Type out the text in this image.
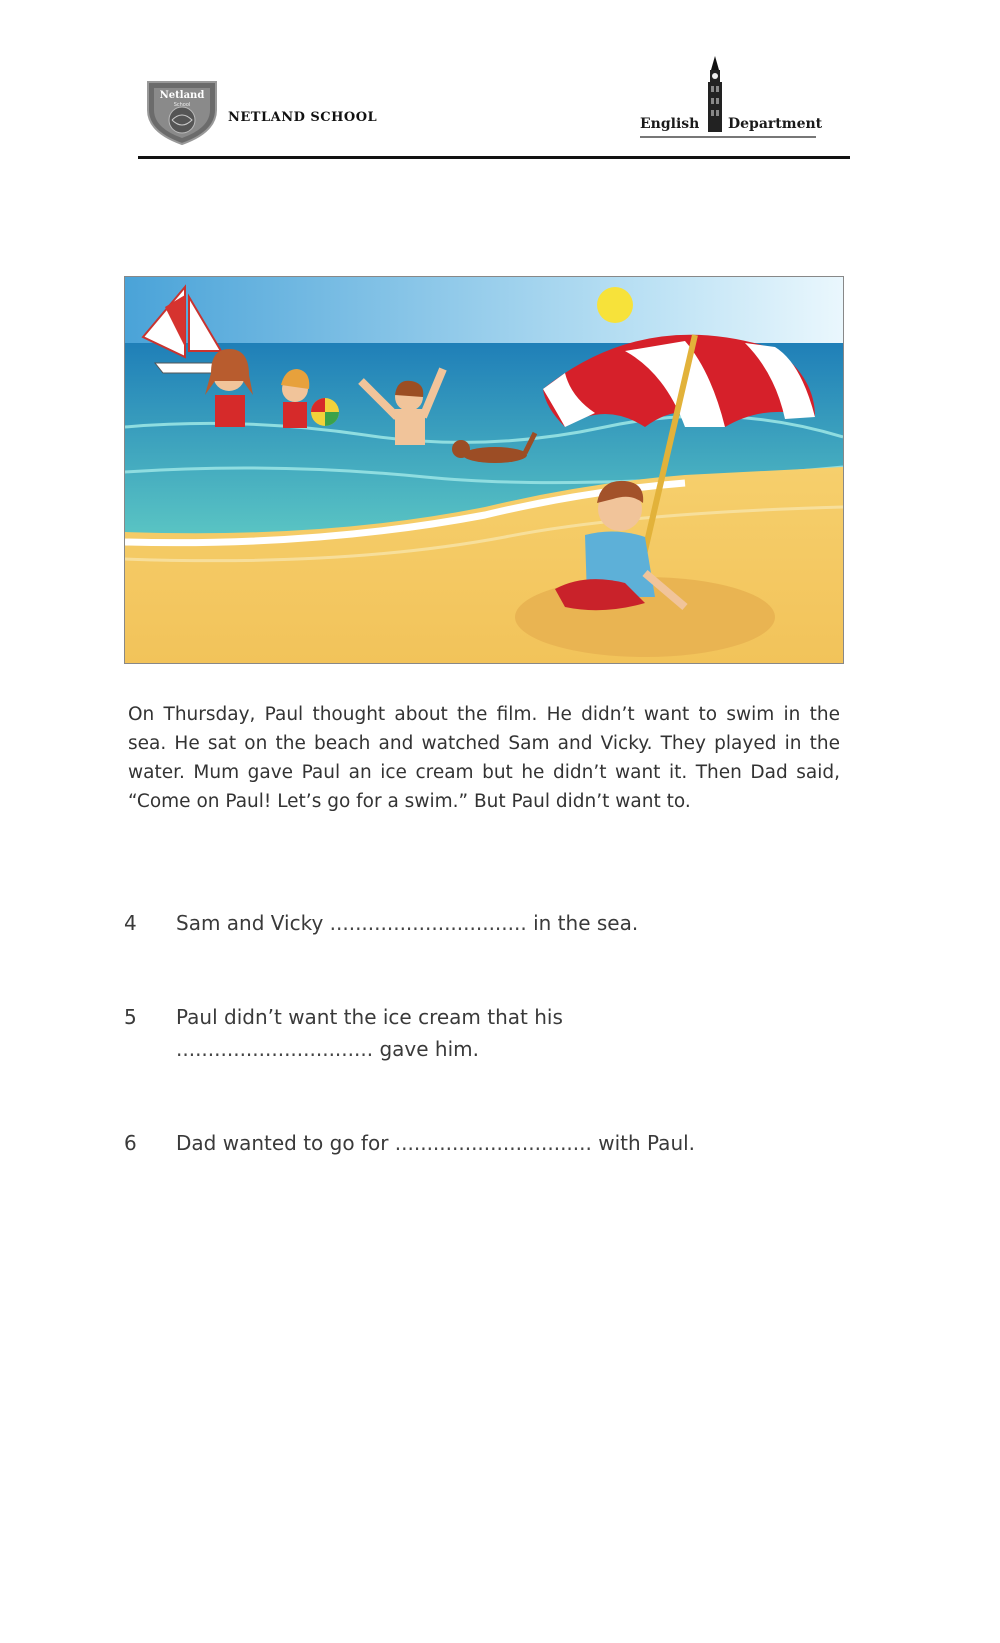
Netland
School
NETLAND SCHOOL	English Department

On Thursday, Paul thought about the film. He didn’t want to swim in the sea. He sat on the beach and watched Sam and Vicky. They played in the water. Mum gave Paul an ice cream but he didn’t want it. Then Dad said, “Come on Paul! Let’s go for a swim.” But Paul didn’t want to.

4 Sam and Vicky ............................... in the sea.
5 Paul didn’t want the ice cream that his
............................... gave him.
6 Dad wanted to go for ............................... with Paul.
